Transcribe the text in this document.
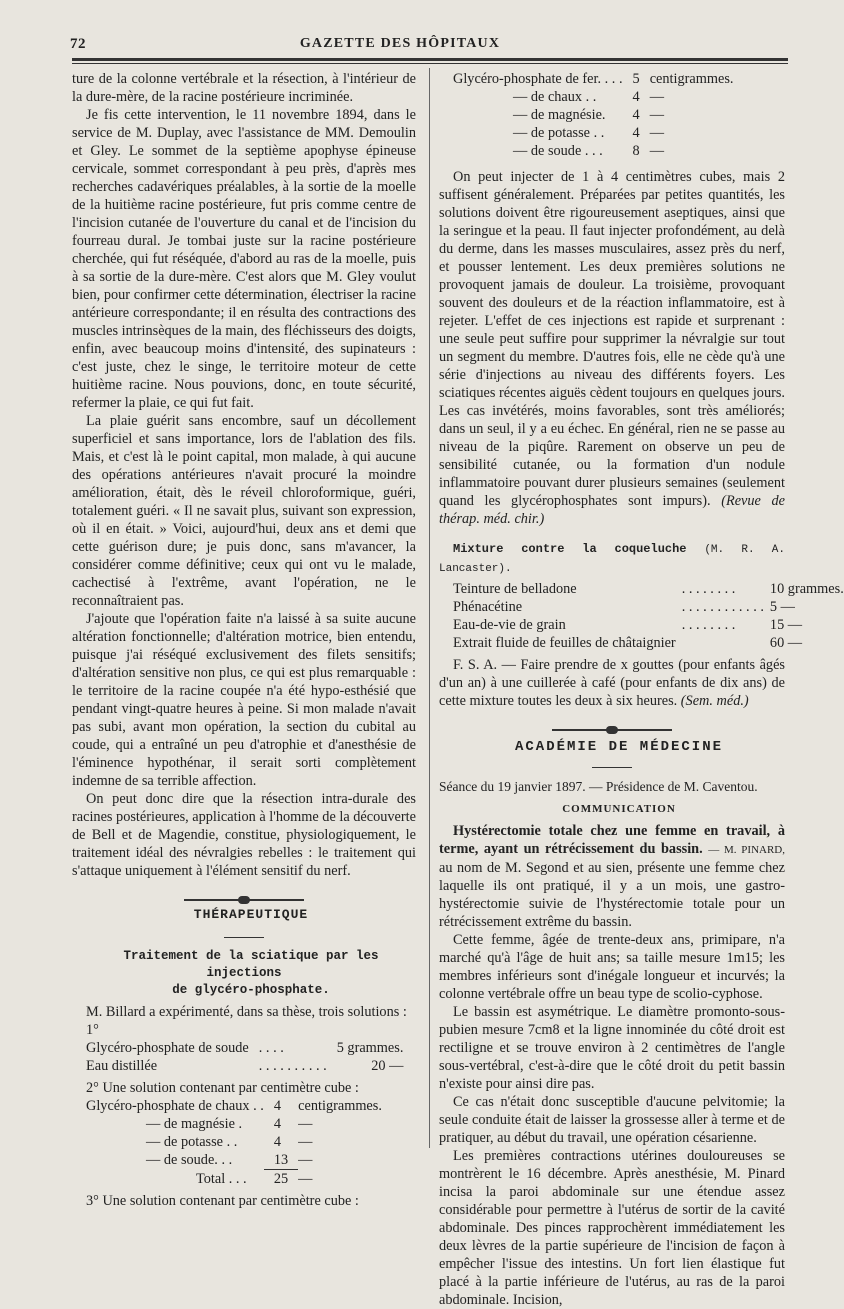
72	GAZETTE DES HÔPITAUX

ture de la colonne vertébrale et la résection, à l'intérieur de la dure-mère, de la racine postérieure incriminée.

Je fis cette intervention, le 11 novembre 1894, dans le service de M. Duplay, avec l'assistance de MM. Demoulin et Gley. Le sommet de la septième apophyse épineuse cervicale, sommet correspondant à peu près, d'après mes recherches cadavériques préalables, à la sortie de la moelle de la huitième racine postérieure, fut pris comme centre de l'incision cutanée de l'ouverture du canal et de l'incision du fourreau dural. Je tombai juste sur la racine postérieure cherchée, qui fut réséquée, d'abord au ras de la moelle, puis à sa sortie de la dure-mère. C'est alors que M. Gley voulut bien, pour confirmer cette détermination, électriser la racine antérieure correspondante; il en résulta des contractions des muscles intrinsèques de la main, des fléchisseurs des doigts, enfin, avec beaucoup moins d'intensité, des supinateurs : c'est juste, chez le singe, le territoire moteur de cette huitième racine. Nous pouvions, donc, en toute sécurité, refermer la plaie, ce qui fut fait.

La plaie guérit sans encombre, sauf un décollement superficiel et sans importance, lors de l'ablation des fils. Mais, et c'est là le point capital, mon malade, à qui aucune des opérations antérieures n'avait procuré la moindre amélioration, était, dès le réveil chloroformique, guéri, totalement guéri. « Il ne savait plus, suivant son expression, où il en était. » Voici, aujourd'hui, deux ans et demi que cette guérison dure; je puis donc, sans m'avancer, la considérer comme définitive; ceux qui ont vu le malade, cachectisé à l'extrême, avant l'opération, ne le reconnaîtraient pas.

J'ajoute que l'opération faite n'a laissé à sa suite aucune altération fonctionnelle; d'altération motrice, bien entendu, puisque j'ai réséqué exclusivement des filets sensitifs; d'altération sensitive non plus, ce qui est plus remarquable : le territoire de la racine coupée n'a été hypo-esthésié que pendant vingt-quatre heures à peine. Si mon malade n'avait pas subi, avant mon opération, la section du cubital au coude, qui a entraîné un peu d'atrophie et d'anesthésie de l'éminence hypothénar, il serait sorti complètement indemne de sa terrible affection.

On peut donc dire que la résection intra-durale des racines postérieures, application à l'homme de la découverte de Bell et de Magendie, constitue, physiologiquement, le traitement idéal des névralgies rebelles : le traitement qui s'attaque uniquement à l'élément sensitif du nerf.

THÉRAPEUTIQUE

Traitement de la sciatique par les injections

de glycéro-phosphate.

M. Billard a expérimenté, dans sa thèse, trois solutions :

1°

Glycéro-phosphate de soude	. . . .	5 grammes.
Eau distillée	. . . . . . . . . .	20 —

2° Une solution contenant par centimètre cube :

Glycéro-phosphate de chaux . .	4	centigrammes.
— de magnésie .	4	—
— de potasse . .	4	—
— de soude. . .	13	—
Total . . .	25	—

3° Une solution contenant par centimètre cube :

Glycéro-phosphate de fer. . . .	5	centigrammes.
— de chaux . .	4	—
— de magnésie.	4	—
— de potasse . .	4	—
— de soude . . .	8	—

On peut injecter de 1 à 4 centimètres cubes, mais 2 suffisent généralement. Préparées par petites quantités, les solutions doivent être rigoureusement aseptiques, ainsi que la seringue et la peau. Il faut injecter profondément, au delà du derme, dans les masses musculaires, assez près du nerf, et pousser lentement. Les deux premières solutions ne provoquent jamais de douleur. La troisième, provoquant souvent des douleurs et de la réaction inflammatoire, est à rejeter. L'effet de ces injections est rapide et surprenant : une seule peut suffire pour supprimer la névralgie sur tout un segment du membre. D'autres fois, elle ne cède qu'à une série d'injections au niveau des différents foyers. Les sciatiques récentes aiguës cèdent toujours en quelques jours. Les cas invétérés, moins favorables, sont très améliorés; dans un seul, il y a eu échec. En général, rien ne se passe au niveau de la piqûre. Rarement on observe un peu de sensibilité cutanée, ou la formation d'un nodule inflammatoire pouvant durer plusieurs semaines (seulement quand les glycérophosphates sont impurs). (Revue de thérap. méd. chir.)

Mixture contre la coqueluche (M. R. A. Lancaster).

Teinture de belladone	. . . . . . . .	10 grammes.
Phénacétine	. . . . . . . . . . . .	5 —
Eau-de-vie de grain	. . . . . . . .	15 —
Extrait fluide de feuilles de châtaignier		60 —

F. S. A. — Faire prendre de x gouttes (pour enfants âgés d'un an) à une cuillerée à café (pour enfants de dix ans) de cette mixture toutes les deux à six heures. (Sem. méd.)

ACADÉMIE DE MÉDECINE

Séance du 19 janvier 1897. — Présidence de M. Caventou.

COMMUNICATION

Hystérectomie totale chez une femme en travail, à terme, ayant un rétrécissement du bassin. — M. PINARD, au nom de M. Segond et au sien, présente une femme chez laquelle ils ont pratiqué, il y a un mois, une gastro-hystérectomie suivie de l'hystérectomie totale pour un rétrécissement extrême du bassin.

Cette femme, âgée de trente-deux ans, primipare, n'a marché qu'à l'âge de huit ans; sa taille mesure 1m15; les membres inférieurs sont d'inégale longueur et incurvés; la colonne vertébrale offre un beau type de scolio-cyphose.

Le bassin est asymétrique. Le diamètre promonto-sous-pubien mesure 7cm8 et la ligne innominée du côté droit est rectiligne et se trouve environ à 2 centimètres de l'angle sous-vertébral, c'est-à-dire que le côté droit du petit bassin n'existe pour ainsi dire pas.

Ce cas n'était donc susceptible d'aucune pelvitomie; la seule conduite était de laisser la grossesse aller à terme et de pratiquer, au début du travail, une opération césarienne.

Les premières contractions utérines douloureuses se montrèrent le 16 décembre. Après anesthésie, M. Pinard incisa la paroi abdominale sur une étendue assez considérable pour permettre à l'utérus de sortir de la cavité abdominale. Des pinces rapprochèrent immédiatement les deux lèvres de la partie supérieure de l'incision de façon à empêcher l'issue des intestins. Un fort lien élastique fut placé à la partie inférieure de l'utérus, au ras de la paroi abdominale. Incision,
